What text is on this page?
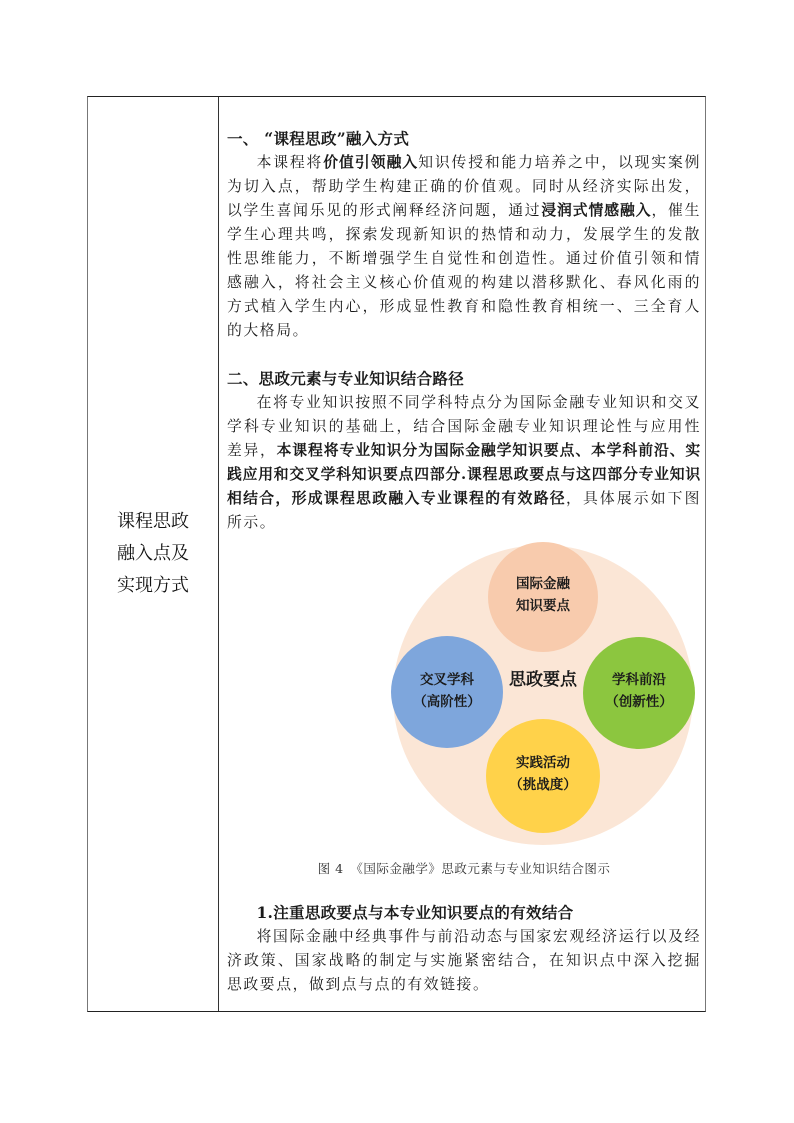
课程思政
融入点及
实现方式

一、 “课程思政”融入方式

本课程将价值引领融入知识传授和能力培养之中，以现实案例为切入点，帮助学生构建正确的价值观。同时从经济实际出发，以学生喜闻乐见的形式阐释经济问题，通过浸润式情感融入，催生学生心理共鸣，探索发现新知识的热情和动力，发展学生的发散性思维能力，不断增强学生自觉性和创造性。通过价值引领和情感融入，将社会主义核心价值观的构建以潜移默化、春风化雨的方式植入学生内心，形成显性教育和隐性教育相统一、三全育人的大格局。

二、思政元素与专业知识结合路径

在将专业知识按照不同学科特点分为国际金融专业知识和交叉学科专业知识的基础上，结合国际金融专业知识理论性与应用性差异，本课程将专业知识分为国际金融学知识要点、本学科前沿、实践应用和交叉学科知识要点四部分.课程思政要点与这四部分专业知识相结合，形成课程思政融入专业课程的有效路径，具体展示如下图所示。

国际金融
知识要点
交叉学科
（高阶性）
学科前沿
（创新性）
实践活动
（挑战度）
思政要点
图 4　《国际金融学》思政元素与专业知识结合图示

1.注重思政要点与本专业知识要点的有效结合

将国际金融中经典事件与前沿动态与国家宏观经济运行以及经济政策、国家战略的制定与实施紧密结合，在知识点中深入挖掘思政要点，做到点与点的有效链接。
